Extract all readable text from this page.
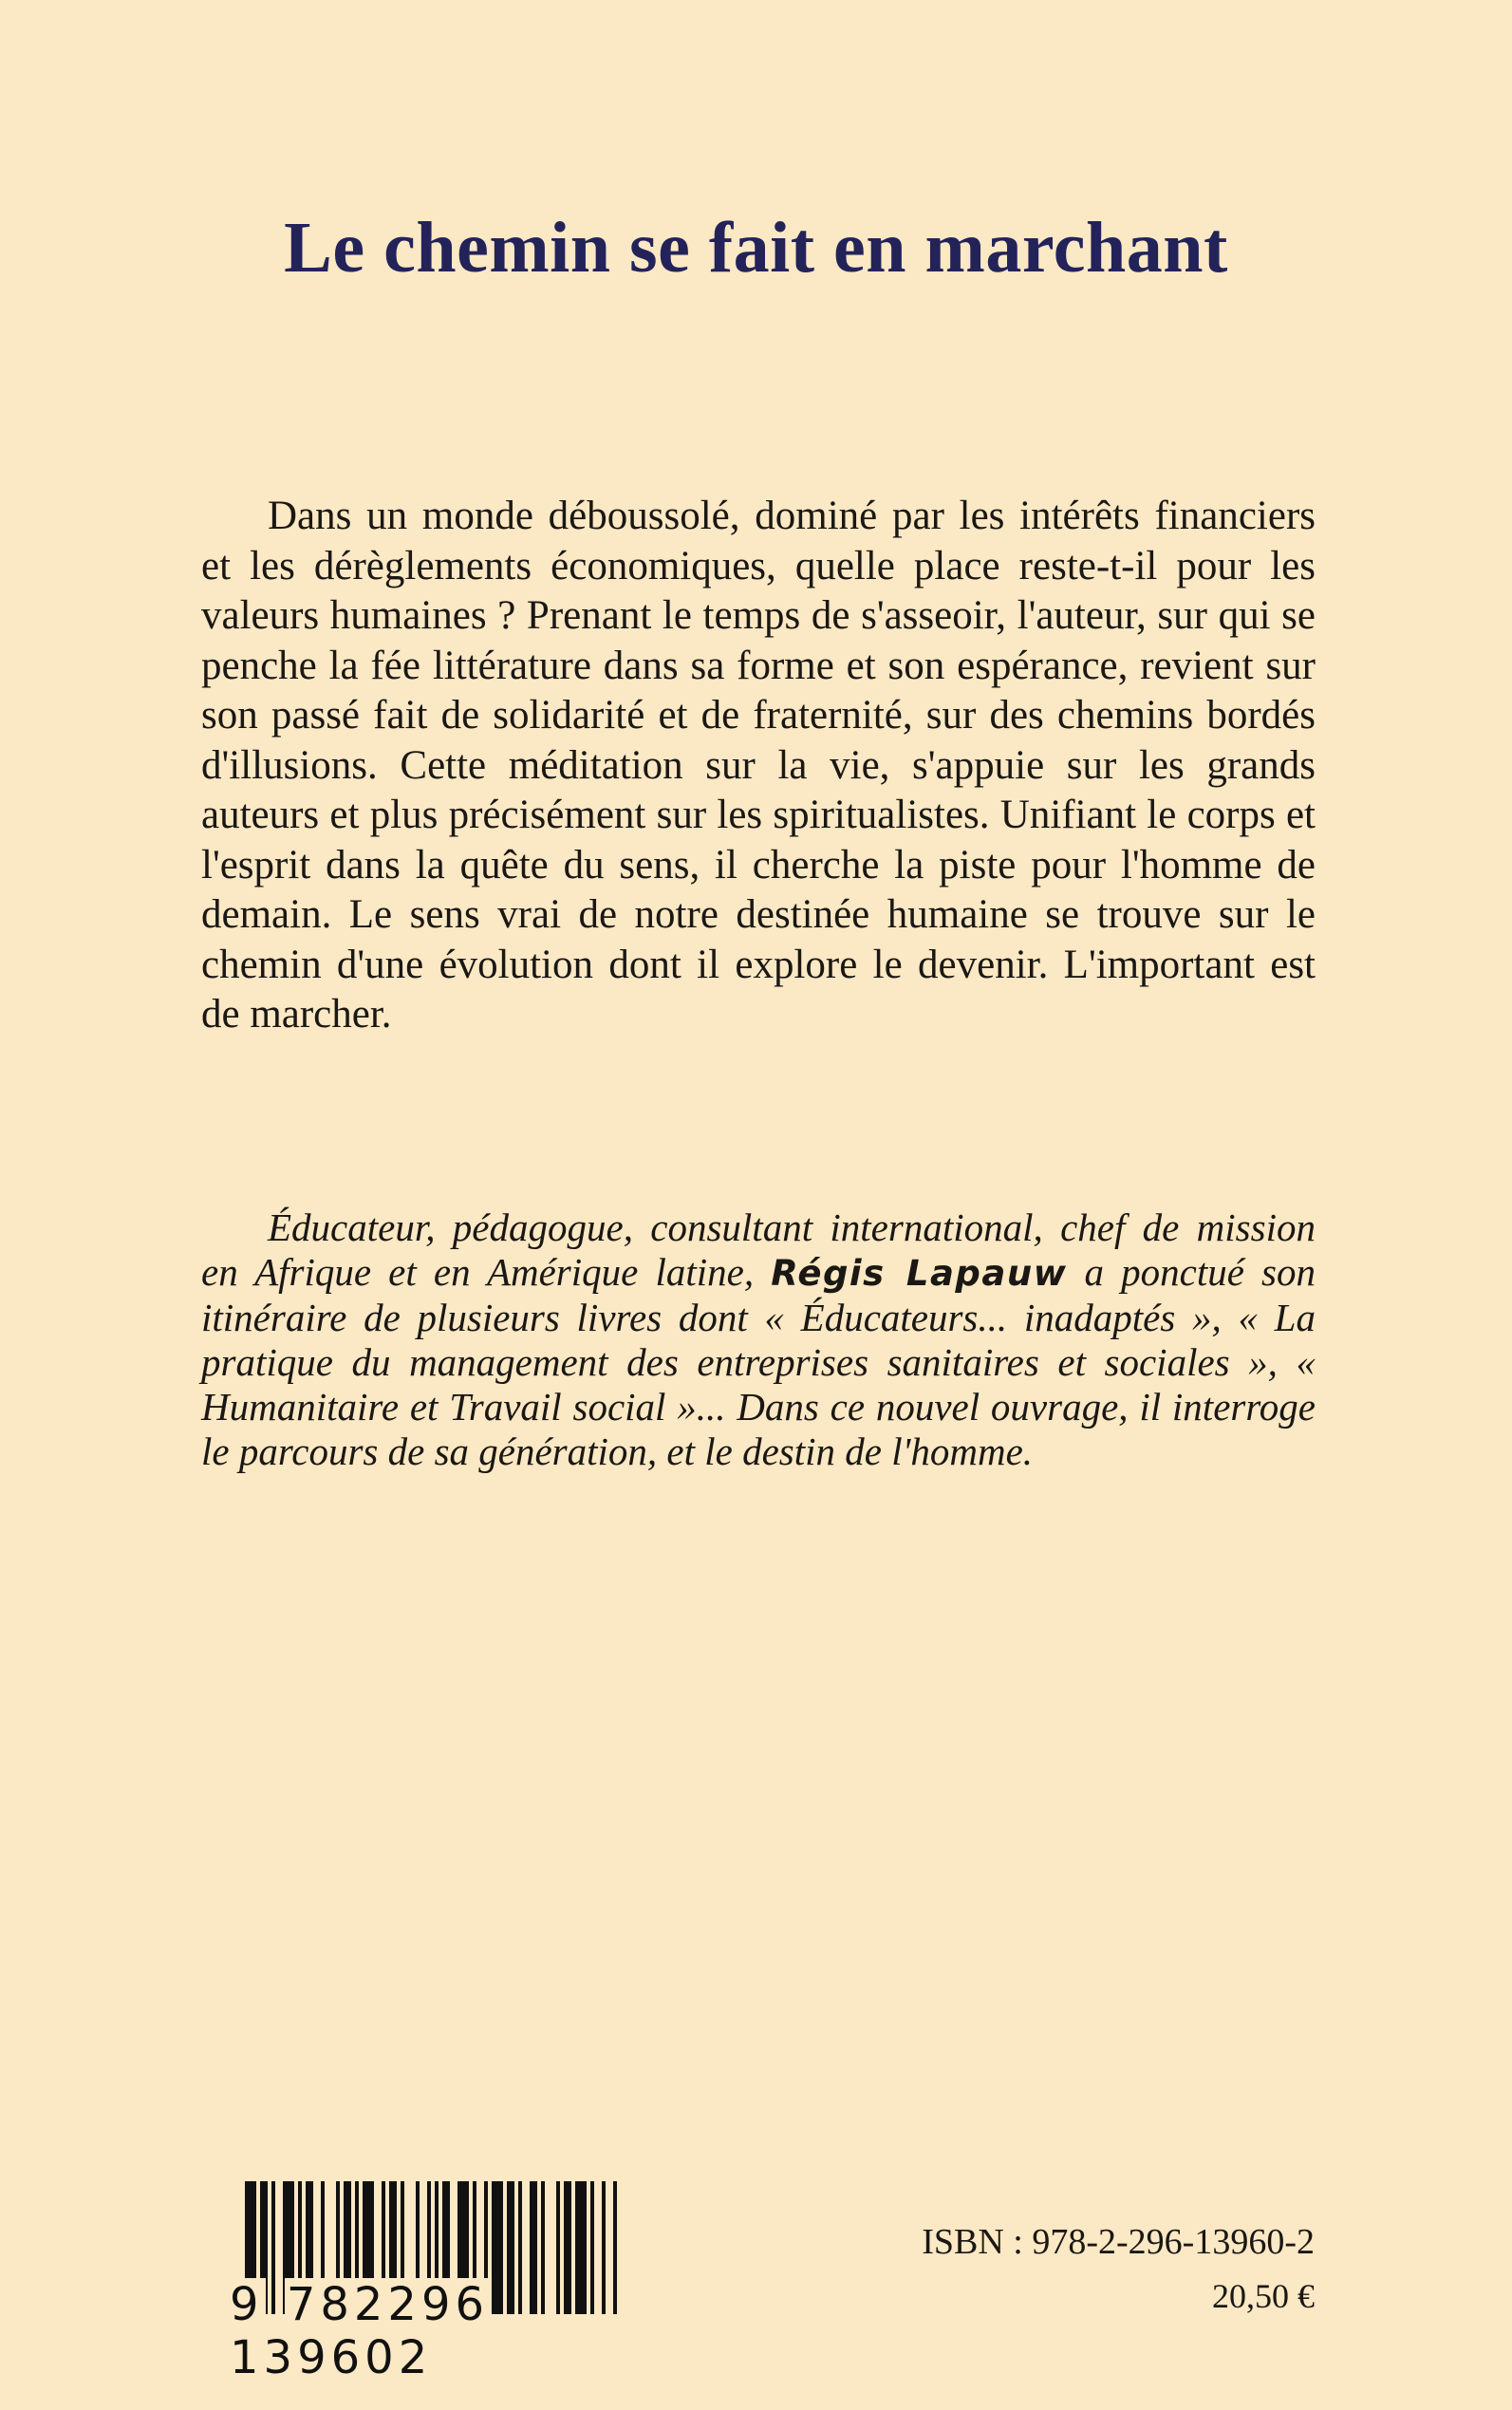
Le chemin se fait en marchant

Dans un monde déboussolé, dominé par les intérêts financiers et les dérèglements économiques, quelle place reste-t-il pour les valeurs humaines ? Prenant le temps de s'asseoir, l'auteur, sur qui se penche la fée littérature dans sa forme et son espérance, revient sur son passé fait de solidarité et de fraternité, sur des chemins bordés d'illusions. Cette méditation sur la vie, s'appuie sur les grands auteurs et plus précisément sur les spiritualistes. Unifiant le corps et l'esprit dans la quête du sens, il cherche la piste pour l'homme de demain. Le sens vrai de notre destinée humaine se trouve sur le chemin d'une évolution dont il explore le devenir. L'important est de marcher.

Éducateur, pédagogue, consultant international, chef de mission en Afrique et en Amérique latine, Régis Lapauw a ponctué son itinéraire de plusieurs livres dont « Éducateurs... inadaptés », « La pratique du management des entreprises sanitaires et sociales », « Humanitaire et Travail social »... Dans ce nouvel ouvrage, il interroge le parcours de sa génération, et le destin de l'homme.

9 782296 139602

ISBN : 978-2-296-13960-2

20,50 €
